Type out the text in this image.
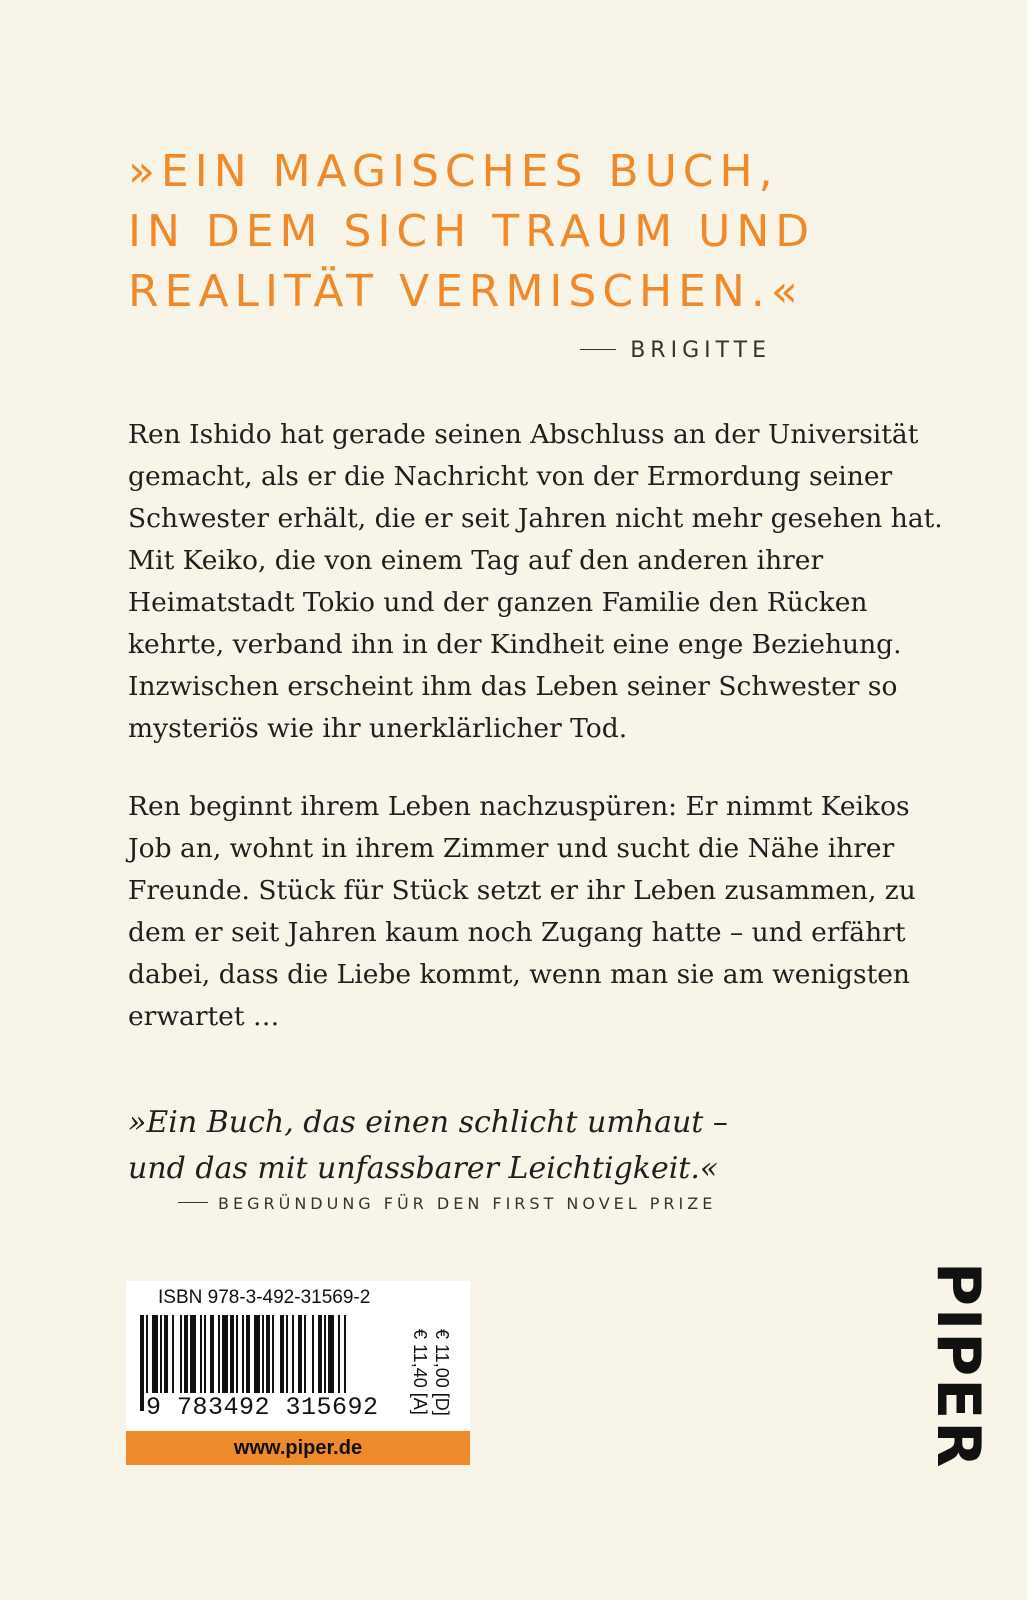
»EIN MAGISCHES BUCH,
IN DEM SICH TRAUM UND
REALITÄT VERMISCHEN.«
BRIGITTE
Ren Ishido hat gerade seinen Abschluss an der Universität
gemacht, als er die Nachricht von der Ermordung seiner
Schwester erhält, die er seit Jahren nicht mehr gesehen hat.
Mit Keiko, die von einem Tag auf den anderen ihrer
Heimatstadt Tokio und der ganzen Familie den Rücken
kehrte, verband ihn in der Kindheit eine enge Beziehung.
Inzwischen erscheint ihm das Leben seiner Schwester so
mysteriös wie ihr unerklärlicher Tod.
Ren beginnt ihrem Leben nachzuspüren: Er nimmt Keikos
Job an, wohnt in ihrem Zimmer und sucht die Nähe ihrer
Freunde. Stück für Stück setzt er ihr Leben zusammen, zu
dem er seit Jahren kaum noch Zugang hatte – und erfährt
dabei, dass die Liebe kommt, wenn man sie am wenigsten
erwartet …
»Ein Buch, das einen schlicht umhaut –
und das mit unfassbarer Leichtigkeit.«
BEGRÜNDUNG FÜR DEN FIRST NOVEL PRIZE
ISBN 978-3-492-31569-2
9 783492 315692	€ 11,00 [D]
€ 11,40 [A]
www.piper.de	PIPER
